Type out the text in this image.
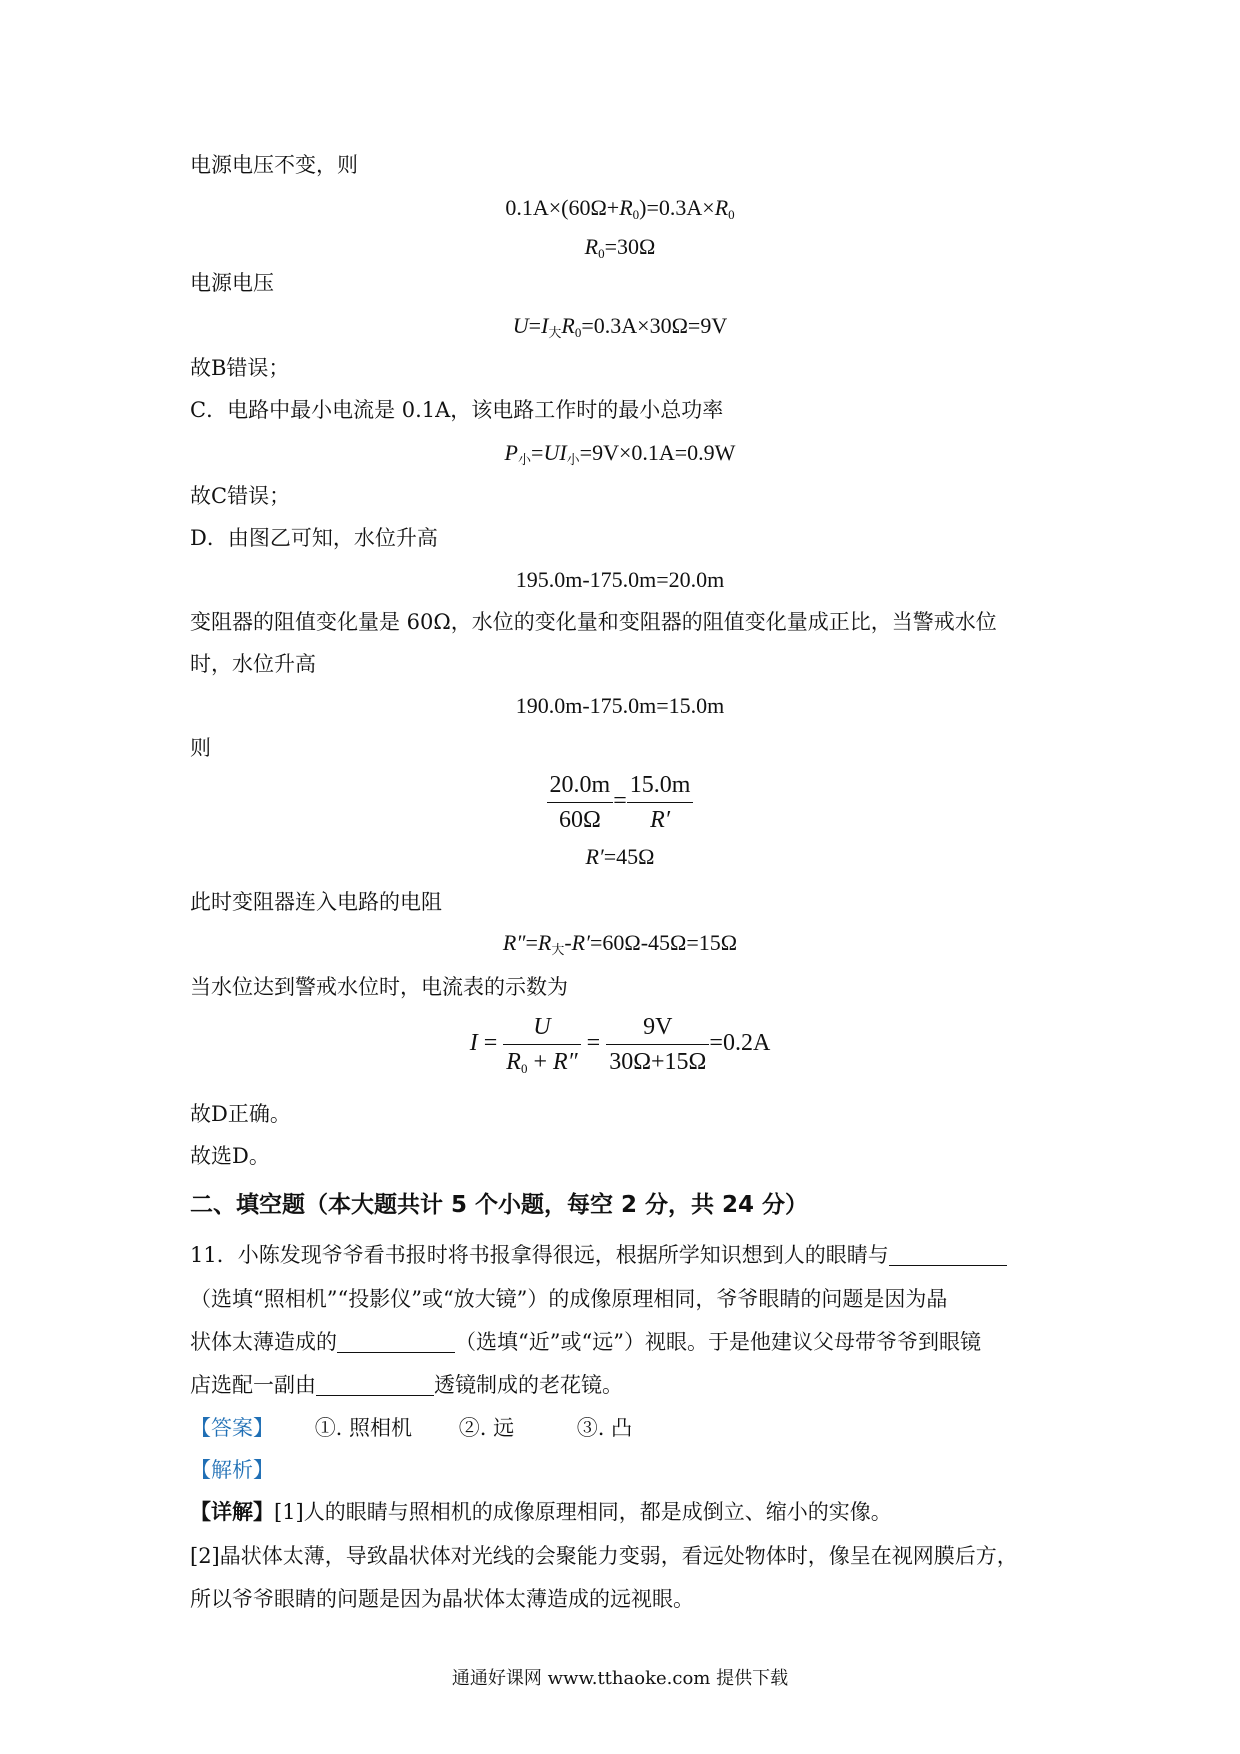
电源电压不变，则
$0.1A\times(60\Omega+R_0)=0.3A\times R_0$
$R_0=30\Omega$
电源电压
$U=I_大R_0=0.3A\times 30\Omega=9V$
故B错误；
C．电路中最小电流是 0.1A，该电路工作时的最小总功率
$P_小=UI_小=9V\times 0.1A=0.9W$
故C错误；
D．由图乙可知，水位升高
195.0m-175.0m=20.0m
变阻器的阻值变化量是 60Ω，水位的变化量和变阻器的阻值变化量成正比，当警戒水位
时，水位升高
190.0m-175.0m=15.0m
则
$\frac{20.0m}{60\Omega} = \frac{15.0m}{R'}$
R′=45Ω
此时变阻器连入电路的电阻
$R''=R_大-R'=60\Omega-45\Omega=15\Omega$
当水位达到警戒水位时，电流表的示数为
$I = \frac{U}{R_0 + R''} = \frac{9V}{30\Omega+15\Omega} =0.2A$
故D正确。
故选D。
二、填空题（本大题共计 5 个小题，每空 2 分，共 24 分）
11．小陈发现爷爷看书报时将书报拿得很远，根据所学知识想到人的眼睛与
（选填“照相机”“投影仪”或“放大镜”）的成像原理相同，爷爷眼睛的问题是因为晶
状体太薄造成的	（选填“近”或“远”）视眼。于是他建议父母带爷爷到眼镜
店选配一副由	透镜制成的老花镜。
【答案】 ①. 照相机 ②. 远	③. 凸
【解析】
【详解】[1]人的眼睛与照相机的成像原理相同，都是成倒立、缩小的实像。
[2]晶状体太薄，导致晶状体对光线的会聚能力变弱，看远处物体时，像呈在视网膜后方，
所以爷爷眼睛的问题是因为晶状体太薄造成的远视眼。
通通好课网 www.tthaoke.com 提供下载
